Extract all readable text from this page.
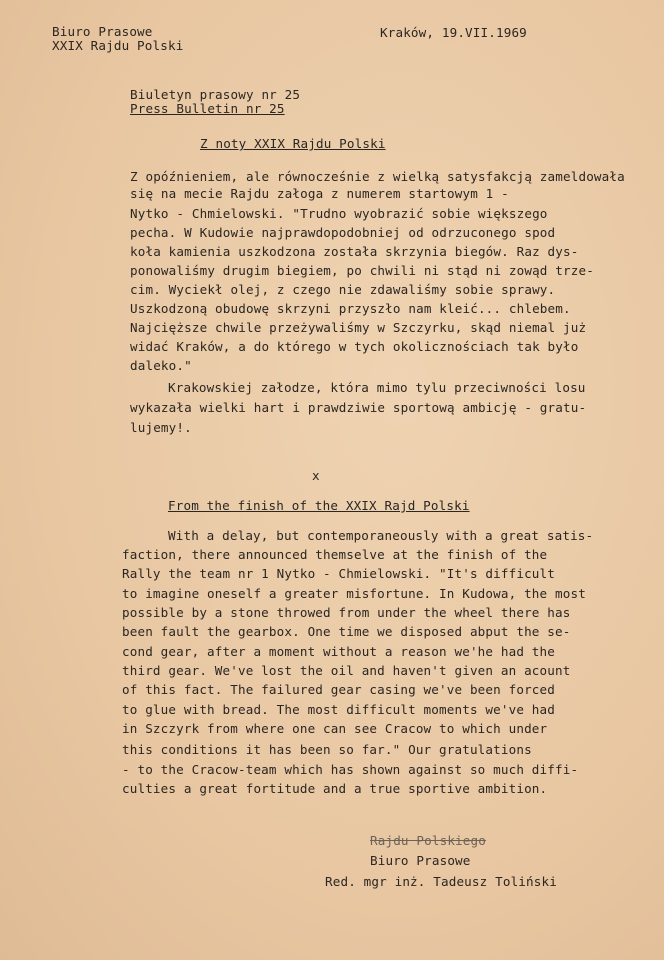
Biuro Prasowe
XXIX Rajdu Polski
Kraków, 19.VII.1969
Biuletyn prasowy nr 25
Press Bulletin nr 25
Z noty XXIX Rajdu Polski
Z opóźnieniem, ale równocześnie z wielką satysfakcją zameldowała się na mecie Rajdu załoga z numerem startowym 1 -
Nytko - Chmielowski. "Trudno wyobrazić sobie większego
pecha. W Kudowie najprawdopodobniej od odrzuconego spod
koła kamienia uszkodzona została skrzynia biegów. Raz dys-
ponowaliśmy drugim biegiem, po chwili ni stąd ni zowąd trze-
cim. Wyciekł olej, z czego nie zdawaliśmy sobie sprawy.
Uszkodzoną obudowę skrzyni przyszło nam kleić... chlebem.
Najcięższe chwile przeżywaliśmy w Szczyrku, skąd niemal już
widać Kraków, a do którego w tych okolicznościach tak było
daleko."
Krakowskiej załodze, która mimo tylu przeciwności losu
wykazała wielki hart i prawdziwie sportową ambicję - gratu-
lujemy!.
x
From the finish of the XXIX Rajd Polski
With a delay, but contemporaneously with a great satis-
faction, there announced themselve at the finish of the
Rally the team nr 1 Nytko - Chmielowski. "It's difficult
to imagine oneself a greater misfortune. In Kudowa, the most
possible by a stone throwed from under the wheel there has
been fault the gearbox. One time we disposed abput the se-
cond gear, after a moment without a reason we'he had the
third gear. We've lost the oil and haven't given an acount
of this fact. The failured gear casing we've been forced
to glue with bread. The most difficult moments we've had
in Szczyrk from where one can see Cracow to which under
this conditions it has been so far." Our gratulations
- to the Cracow-team which has shown against so much diffi-
culties a great fortitude and a true sportive ambition.
Rajdu Polskiego
Biuro Prasowe
Red. mgr inż. Tadeusz Toliński
